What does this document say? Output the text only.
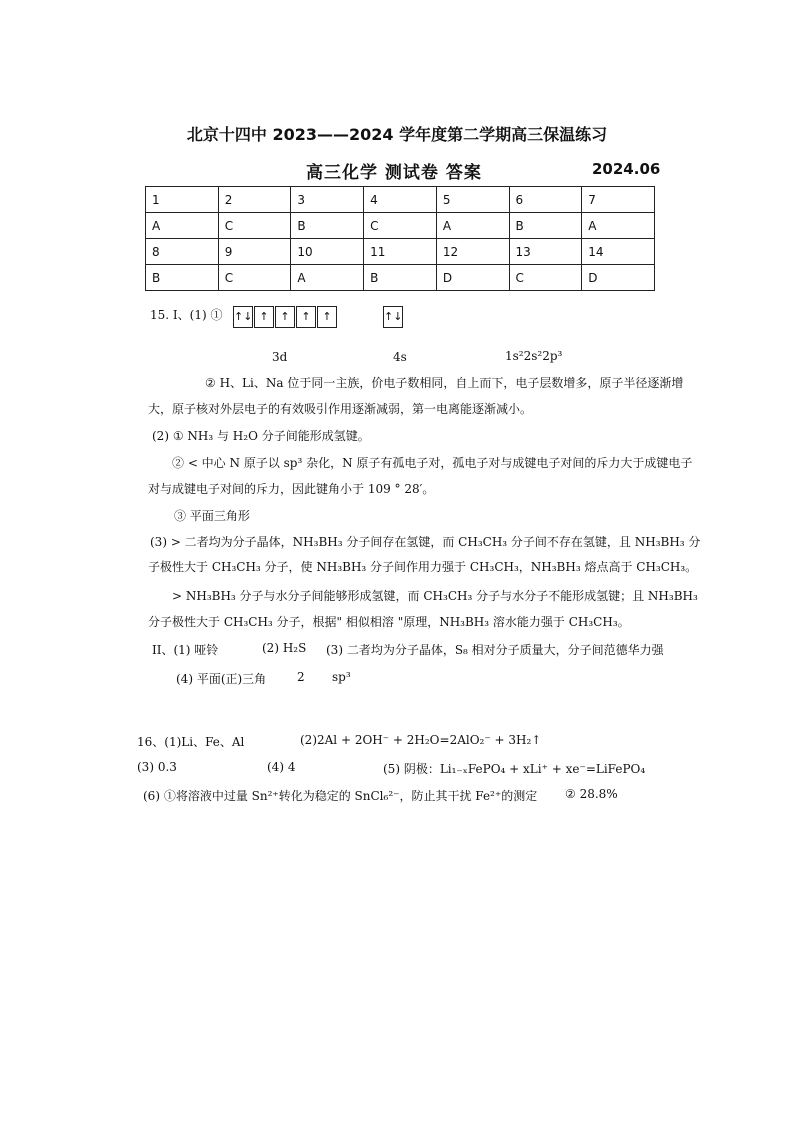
北京十四中 2023——2024 学年度第二学期高三保温练习
高三化学 测试卷 答案	2024.06
1	2	3	4	5	6	7
A	C	B	C	A	B	A
8	9	10	11	12	13	14
B	C	A	B	D	C	D
15. I、(1) ①
3d	4s	1s²2s²2p³
② H、Li、Na 位于同一主族，价电子数相同，自上而下，电子层数增多，原子半径逐渐增
大，原子核对外层电子的有效吸引作用逐渐减弱，第一电离能逐渐减小。
(2) ① NH₃ 与 H₂O 分子间能形成氢键。
② < 中心 N 原子以 sp³ 杂化，N 原子有孤电子对，孤电子对与成键电子对间的斥力大于成键电子
对与成键电子对间的斥力，因此键角小于 109 ° 28′。
③ 平面三角形
(3) > 二者均为分子晶体，NH₃BH₃ 分子间存在氢键，而 CH₃CH₃ 分子间不存在氢键，且 NH₃BH₃ 分
子极性大于 CH₃CH₃ 分子，使 NH₃BH₃ 分子间作用力强于 CH₃CH₃，NH₃BH₃ 熔点高于 CH₃CH₃。
> NH₃BH₃ 分子与水分子间能够形成氢键，而 CH₃CH₃ 分子与水分子不能形成氢键；且 NH₃BH₃
分子极性大于 CH₃CH₃ 分子，根据" 相似相溶 "原理，NH₃BH₃ 溶水能力强于 CH₃CH₃。
II、(1) 哑铃	(2) H₂S (3) 二者均为分子晶体，S₈ 相对分子质量大，分子间范德华力强
(4) 平面(正)三角	2 sp³
16、(1)Li、Fe、Al	(2)2Al + 2OH⁻ + 2H₂O=2AlO₂⁻ + 3H₂↑
(3) 0.3	(4) 4	(5) 阴极：Li₁₋ₓFePO₄ + xLi⁺ + xe⁻=LiFePO₄
(6) ①将溶液中过量 Sn²⁺转化为稳定的 SnCl₆²⁻，防止其干扰 Fe²⁺的测定 ② 28.8%
↑↓ ↑	↑	↑	↑	↑↓
